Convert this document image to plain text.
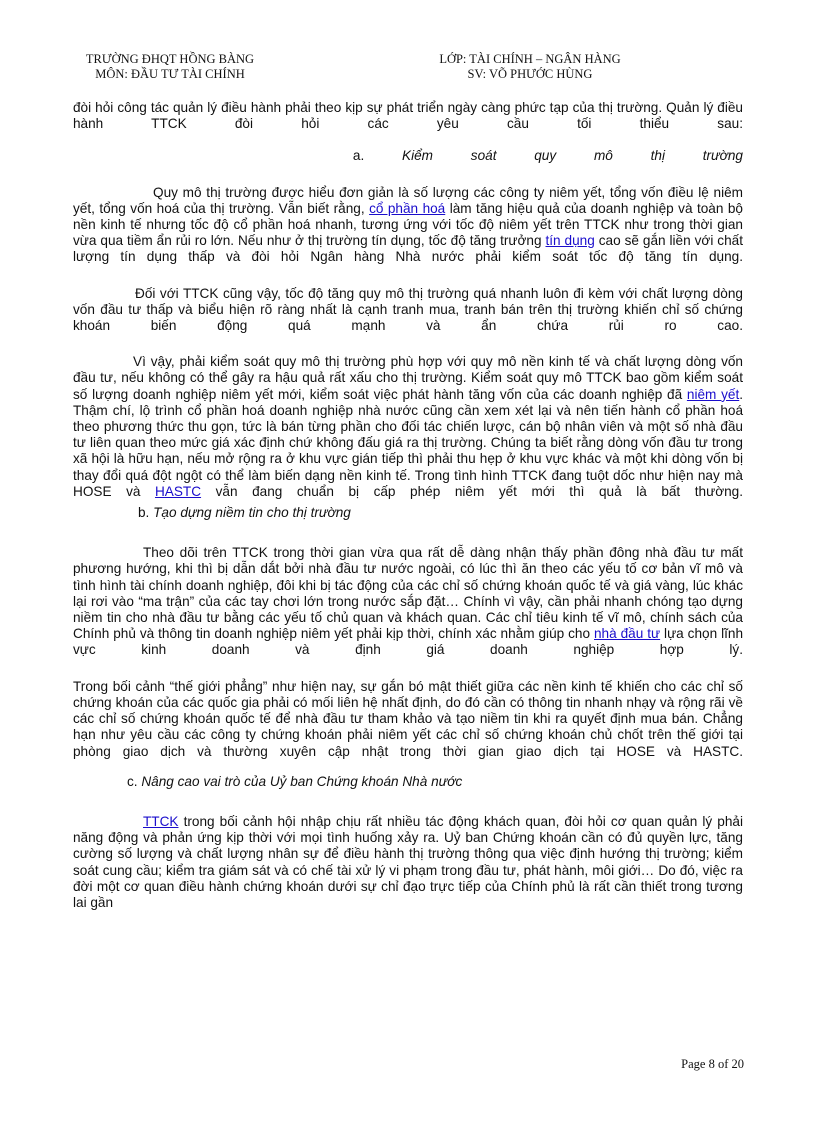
TRƯỜNG ĐHQT HỒNG BÀNG
MÔN: ĐẦU TƯ TÀI CHÍNH
LỚP: TÀI CHÍNH – NGÂN HÀNG
SV: VÕ PHƯỚC HÙNG

đòi hỏi công tác quản lý điều hành phải theo kịp sự phát triển ngày càng phức tạp của thị trường. Quản lý điều hành TTCK đòi hỏi các yêu cầu tối thiểu sau:

a.	Kiểm soát quy mô thị trường

Quy mô thị trường được hiểu đơn giản là số lượng các công ty niêm yết, tổng vốn điều lệ niêm yết, tổng vốn hoá của thị trường. Vẫn biết rằng, cổ phần hoá làm tăng hiệu quả của doanh nghiệp và toàn bộ nền kinh tế nhưng tốc độ cổ phần hoá nhanh, tương ứng với tốc độ niêm yết trên TTCK như trong thời gian vừa qua tiềm ẩn rủi ro lớn. Nếu như ở thị trường tín dụng, tốc độ tăng trưởng tín dụng cao sẽ gắn liền với chất lượng tín dụng thấp và đòi hỏi Ngân hàng Nhà nước phải kiểm soát tốc độ tăng tín dụng.

Đối với TTCK cũng vậy, tốc độ tăng quy mô thị trường quá nhanh luôn đi kèm với chất lượng dòng vốn đầu tư thấp và biểu hiện rõ ràng nhất là cạnh tranh mua, tranh bán trên thị trường khiến chỉ số chứng khoán biến động quá mạnh và ẩn chứa rủi ro cao.

Vì vậy, phải kiểm soát quy mô thị trường phù hợp với quy mô nền kinh tế và chất lượng dòng vốn đầu tư, nếu không có thể gây ra hậu quả rất xấu cho thị trường. Kiểm soát quy mô TTCK bao gồm kiểm soát số lượng doanh nghiệp niêm yết mới, kiểm soát việc phát hành tăng vốn của các doanh nghiệp đã niêm yết. Thậm chí, lộ trình cổ phần hoá doanh nghiệp nhà nước cũng cần xem xét lại và nên tiến hành cổ phần hoá theo phương thức thu gọn, tức là bán từng phần cho đối tác chiến lược, cán bộ nhân viên và một số nhà đầu tư liên quan theo mức giá xác định chứ không đấu giá ra thị trường. Chúng ta biết rằng dòng vốn đầu tư trong xã hội là hữu hạn, nếu mở rộng ra ở khu vực gián tiếp thì phải thu hẹp ở khu vực khác và một khi dòng vốn bị thay đổi quá đột ngột có thể làm biến dạng nền kinh tế. Trong tình hình TTCK đang tuột dốc như hiện nay mà HOSE và HASTC vẫn đang chuẩn bị cấp phép niêm yết mới thì quả là bất thường.

b. Tạo dựng niềm tin cho thị trường

Theo dõi trên TTCK trong thời gian vừa qua rất dễ dàng nhận thấy phần đông nhà đầu tư mất phương hướng, khi thì bị dẫn dắt bởi nhà đầu tư nước ngoài, có lúc thì ăn theo các yếu tố cơ bản vĩ mô và tình hình tài chính doanh nghiệp, đôi khi bị tác động của các chỉ số chứng khoán quốc tế và giá vàng, lúc khác lại rơi vào “ma trận” của các tay chơi lớn trong nước sắp đặt… Chính vì vậy, cần phải nhanh chóng tạo dựng niềm tin cho nhà đầu tư bằng các yếu tố chủ quan và khách quan. Các chỉ tiêu kinh tế vĩ mô, chính sách của Chính phủ và thông tin doanh nghiệp niêm yết phải kịp thời, chính xác nhằm giúp cho nhà đầu tư lựa chọn lĩnh vực kinh doanh và định giá doanh nghiệp hợp lý.

Trong bối cảnh “thế giới phẳng” như hiện nay, sự gắn bó mật thiết giữa các nền kinh tế khiến cho các chỉ số chứng khoán của các quốc gia phải có mối liên hệ nhất định, do đó cần có thông tin nhanh nhạy và rộng rãi về các chỉ số chứng khoán quốc tế để nhà đầu tư tham khảo và tạo niềm tin khi ra quyết định mua bán. Chẳng hạn như yêu cầu các công ty chứng khoán phải niêm yết các chỉ số chứng khoán chủ chốt trên thế giới tại phòng giao dịch và thường xuyên cập nhật trong thời gian giao dịch tại HOSE và HASTC.

c. Nâng cao vai trò của Uỷ ban Chứng khoán Nhà nước

TTCK trong bối cảnh hội nhập chịu rất nhiều tác động khách quan, đòi hỏi cơ quan quản lý phải năng động và phản ứng kịp thời với mọi tình huống xảy ra. Uỷ ban Chứng khoán cần có đủ quyền lực, tăng cường số lượng và chất lượng nhân sự để điều hành thị trường thông qua việc định hướng thị trường; kiểm soát cung cầu; kiểm tra giám sát và có chế tài xử lý vi phạm trong đầu tư, phát hành, môi giới… Do đó, việc ra đời một cơ quan điều hành chứng khoán dưới sự chỉ đạo trực tiếp của Chính phủ là rất cần thiết trong tương lai gần

Page 8 of 20
